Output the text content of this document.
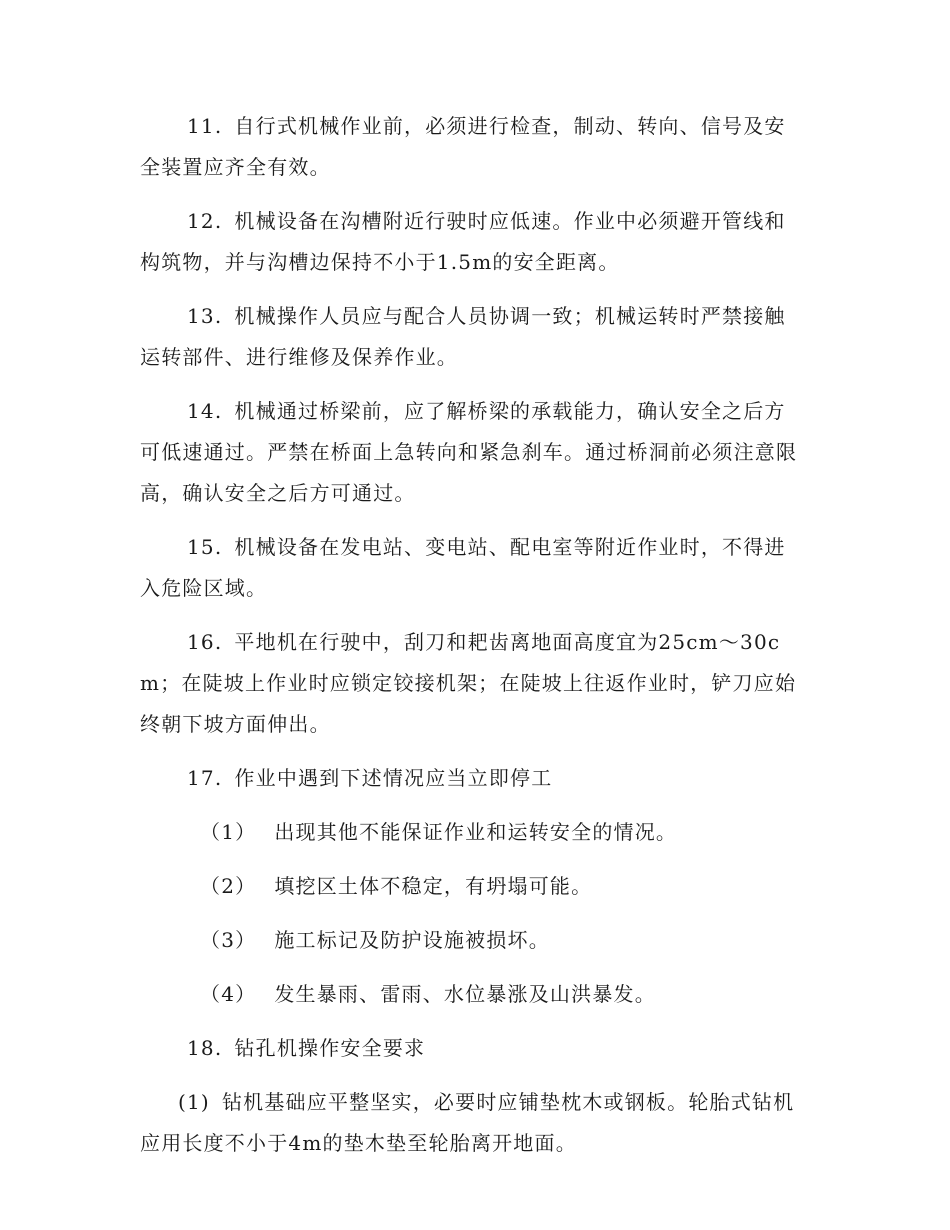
11. 自行式机械作业前，必须进行检查，制动、转向、信号及安全装置应齐全有效。

12. 机械设备在沟槽附近行驶时应低速。作业中必须避开管线和构筑物，并与沟槽边保持不小于1.5m的安全距离。

13. 机械操作人员应与配合人员协调一致；机械运转时严禁接触运转部件、进行维修及保养作业。

14. 机械通过桥梁前，应了解桥梁的承载能力，确认安全之后方可低速通过。严禁在桥面上急转向和紧急刹车。通过桥洞前必须注意限高，确认安全之后方可通过。

15. 机械设备在发电站、变电站、配电室等附近作业时，不得进入危险区域。

16. 平地机在行驶中，刮刀和耙齿离地面高度宜为25cm～30cm；在陡坡上作业时应锁定铰接机架；在陡坡上往返作业时，铲刀应始终朝下坡方面伸出。

17. 作业中遇到下述情况应当立即停工

（1） 出现其他不能保证作业和运转安全的情况。

（2） 填挖区土体不稳定，有坍塌可能。

（3） 施工标记及防护设施被损坏。

（4） 发生暴雨、雷雨、水位暴涨及山洪暴发。

18. 钻孔机操作安全要求

(1) 钻机基础应平整坚实，必要时应铺垫枕木或钢板。轮胎式钻机应用长度不小于4m的垫木垫至轮胎离开地面。
